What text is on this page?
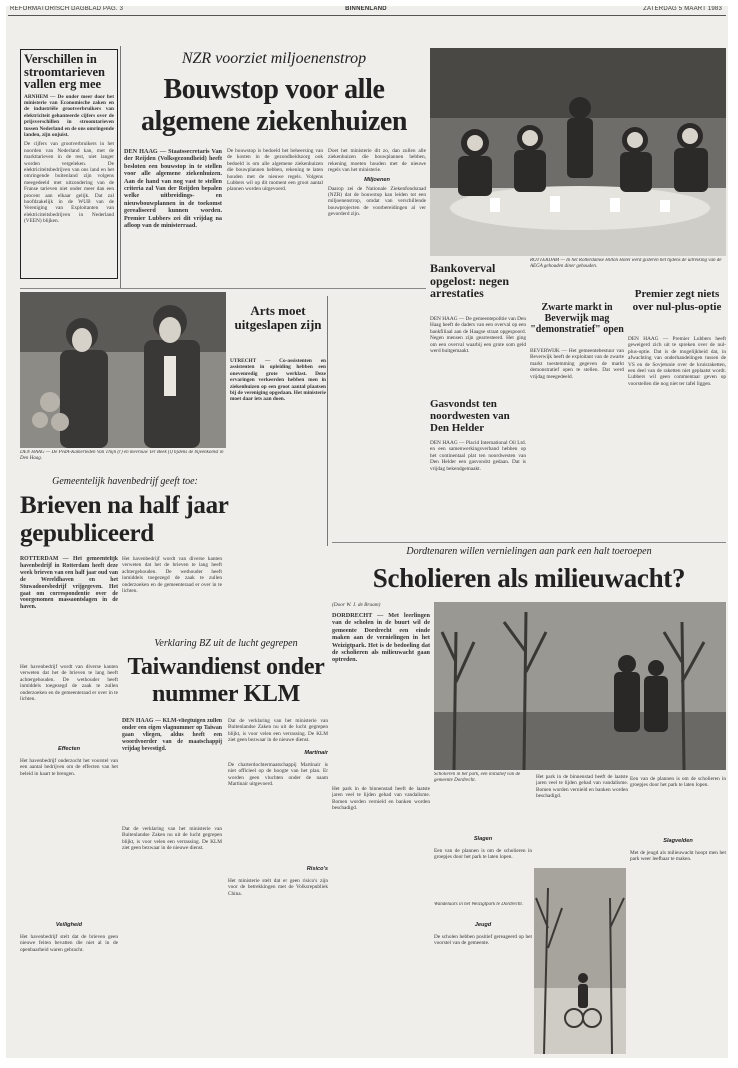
REFORMATORISCH DAGBLAD PAG. 3	BINNENLAND	ZATERDAG 5 MAART 1983
Verschillen in stroomtarieven vallen erg mee
ARNHEM — De onder meer door het ministerie van Economische zaken en de industriële grootverbruikers van elektriciteit gehanteerde cijfers over de prijsverschillen in stroomtarieven tussen Nederland en de ons omringende landen, zijn onjuist.
De cijfers van grootverbruikers in het noorden van Nederland kan, met de markttarieven in de rest, niet langer worden vergeleken. De elektriciteitsbedrijven van ons land en het omringende buitenland zijn volgens meegedeeld met uitzondering van de Franse tarieven niet onder meer dan een procent aan elkaar gelijk. Dat zal hoofdzakelijk in de WUB van de Vereniging van Exploitanten van elektriciteitsbedrijven in Nederland (VEEN) blijken.
NZR voorziet miljoenenstrop
Bouwstop voor alle algemene ziekenhuizen
DEN HAAG — Staatssecretaris Van der Reijden (Volksgezondheid) heeft besloten een bouwstop in te stellen voor alle algemene ziekenhuizen. Aan de hand van nog vast te stellen criteria zal Van der Reijden bepalen welke uitbreidings- en nieuwbouwplannen in de toekomst gerealiseerd kunnen worden. Premier Lubbers zei dit vrijdag na afloop van de ministerraad.
De bouwstop is bedoeld het beheersing van de kosten in de gezondheidszorg ook bedoeld is om alle algemene ziekenhuizen die bouwplannen hebben, rekening te laten houden met de nieuwe regels. Volgens Lubbers wil op dit moment een groot aantal plannen worden uitgevoerd.
Doet het ministerie dit zo, dan zullen alle ziekenhuizen die bouwplannen hebben, rekening moeten houden met de nieuwe regels van het ministerie.
Miljoenen
Daarop zei de Nationale Ziekenfondsraad (NZR) dat de bouwstop kan leiden tot een miljoenenstrop, omdat van verschillende bouwprojecten de voorbereidingen al ver gevorderd zijn.
ROTTERDAM — In het Rotterdamse Hilton Hotel werd gisteren het tijdens de uitreiking van de AEGA gehouden diner gehouden.
Bankoverval opgelost: negen arrestaties
DEN HAAG — De gemeentepolitie van Den Haag heeft de daders van een overval op een bankfiliaal aan de Haagse straat opgespoord. Negen mensen zijn gearresteerd. Het ging om een overval waarbij een grote som geld werd buitgemaakt.
Gasvondst ten noordwesten van Den Helder
DEN HAAG — Placid International Oil Ltd. en een samenwerkingsverband hebben op het continentaal plat ten noordwesten van Den Helder een gasvondst gedaan. Dat is vrijdag bekendgemaakt.
Zwarte markt in Beverwijk mag "demonstratief" open
BEVERWIJK — Het gemeentebestuur van Beverwijk heeft de exploitant van de zwarte markt toestemming gegeven de markt demonstratief open te stellen. Dat werd vrijdag meegedeeld.
Premier zegt niets over nul-plus-optie
DEN HAAG — Premier Lubbers heeft geweigerd zich uit te spreken over de nul-plus-optie. Dat is de mogelijkheid dat, in afwachting van onderhandelingen tussen de VS en de Sovjetunie over de kruisraketten, een deel van de raketten niet geplaatst wordt. Lubbers wil geen commentaar geven op voorstellen die nog niet ter tafel liggen.
DEN HAAG — De PvdA-Kamerleden Van Thijn (r) en mevrouw Ter Beek (l) tijdens de bijeenkomst in Den Haag.
Arts moet uitgeslapen zijn
UTRECHT — Co-assistenten en assistenten in opleiding hebben een onevenredig grote werklast. Deze ervaringen verkeerden hebben men in ziekenhuizen op een groot aantal plaatsen bij de vereniging opgedaan. Het ministerie moet daar iets aan doen.
Gemeentelijk havenbedrijf geeft toe:
Brieven na half jaar gepubliceerd
ROTTERDAM — Het gemeentelijk havenbedrijf in Rotterdam heeft deze week brieven van een half jaar oud van de Wereldhaven en het Stuwadoorsbedrijf vrijgegeven. Het gaat om correspondentie over de voorgenomen massaontslagen in de haven.
Het havenbedrijf wordt van diverse kanten verweten dat het de brieven te lang heeft achtergehouden. De wethouder heeft inmiddels toegezegd de zaak te zullen onderzoeken en de gemeenteraad er over in te lichten.
Effecten
Het havenbedrijf onderzocht het voorstel van een aantal bedrijven om de effecten van het beleid in kaart te brengen.
Veiligheid
Het havenbedrijf stelt dat de brieven geen nieuwe feiten bevatten die niet al in de openbaarheid waren gebracht.
Het havenbedrijf wordt van diverse kanten verweten dat het de brieven te lang heeft achtergehouden. De wethouder heeft inmiddels toegezegd de zaak te zullen onderzoeken en de gemeenteraad er over in te lichten.
Verklaring BZ uit de lucht gegrepen
Taiwandienst onder nummer KLM
DEN HAAG — KLM-vliegtuigen zullen onder een eigen vlagnummer op Taiwan gaan vliegen, aldus heeft een woordvoerder van de maatschappij vrijdag bevestigd.
Dat de verklaring van het ministerie van Buitenlandse Zaken nu uit de lucht gegrepen blijkt, is voor velen een verrassing. De KLM ziet geen bezwaar in de nieuwe dienst.
Dat de verklaring van het ministerie van Buitenlandse Zaken nu uit de lucht gegrepen blijkt, is voor velen een verrassing. De KLM ziet geen bezwaar in de nieuwe dienst.
Martinair
De charterdochtermaatschappij Martinair is niet officieel op de hoogte van het plan. Er worden geen vluchten onder de naam Martinair uitgevoerd.
Risico's
Het ministerie stelt dat er geen risico's zijn voor de betrekkingen met de Volksrepubliek China.
Dordtenaren willen vernielingen aan park een halt toeroepen
Scholieren als milieuwacht?
(Door W. J. de Braam)
DORDRECHT — Met leerlingen van de scholen in de buurt wil de gemeente Dordrecht een einde maken aan de vernielingen in het Weizigtpark. Het is de bedoeling dat de scholieren als milieuwacht gaan optreden.
Het park in de binnenstad heeft de laatste jaren veel te lijden gehad van vandalisme. Bomen worden vernield en banken worden beschadigd.
Scholieren in het park, een initiatief van de gemeente Dordrecht.
Slagen
Een van de plannen is om de scholieren in groepjes door het park te laten lopen.
Wandelaars in het Weizigtpark te Dordrecht.
Jeugd
De scholen hebben positief gereageerd op het voorstel van de gemeente.
Het park in de binnenstad heeft de laatste jaren veel te lijden gehad van vandalisme. Bomen worden vernield en banken worden beschadigd.
Slagvelden
Met de jeugd als milieuwacht hoopt men het park weer leefbaar te maken.
Een van de plannen is om de scholieren in groepjes door het park te laten lopen.
